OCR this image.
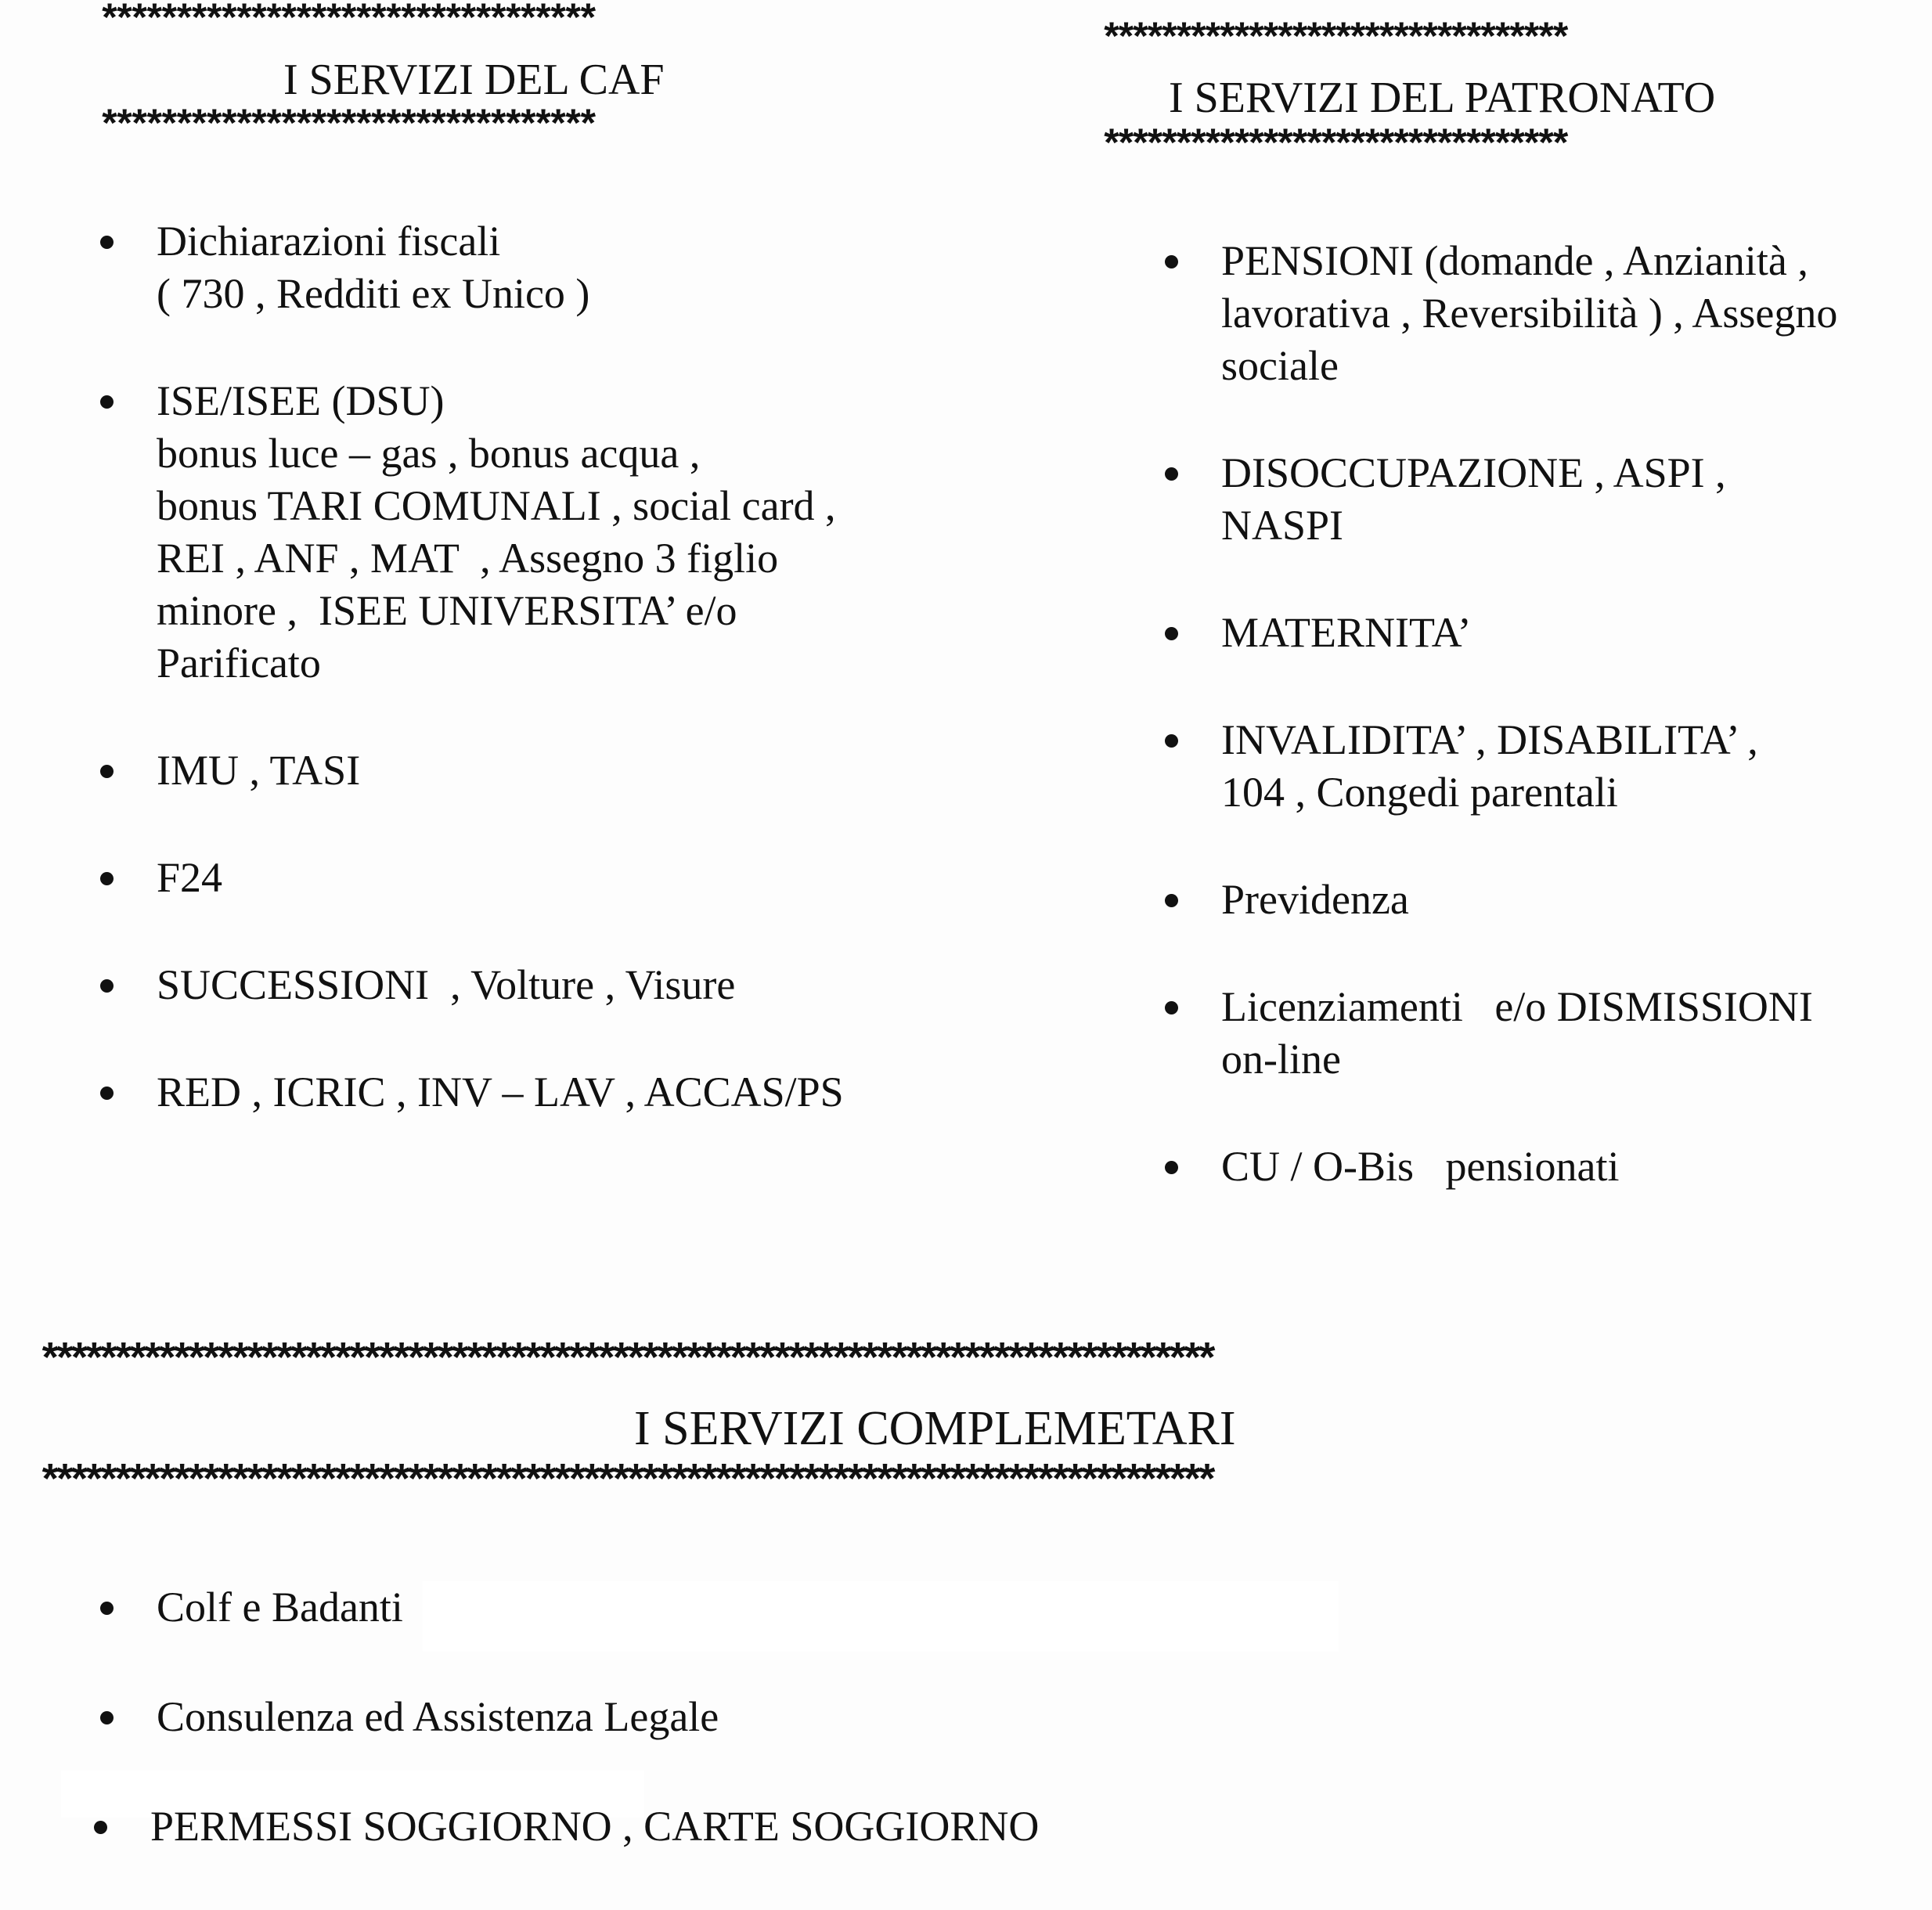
*********************************
I SERVIZI DEL CAF
*********************************
Dichiarazioni fiscali
( 730 , Redditi ex Unico )
ISE/ISEE (DSU)
bonus luce – gas , bonus acqua ,
bonus TARI COMUNALI , social card ,
REI , ANF , MAT  , Assegno 3 figlio
minore ,  ISEE UNIVERSITA’ e/o
Parificato
IMU , TASI
F24
SUCCESSIONI  , Volture , Visure
RED , ICRIC , INV – LAV , ACCAS/PS
********************************
I SERVIZI DEL PATRONATO
********************************
PENSIONI (domande , Anzianità ,
lavorativa , Reversibilità ) , Assegno
sociale
DISOCCUPAZIONE , ASPI ,
NASPI
MATERNITA’
INVALIDITA’ , DISABILITA’ ,
104 , Congedi parentali
Previdenza
Licenziamenti   e/o DISMISSIONI
on-line
CU / O-Bis   pensionati
********************************************************************************
I SERVIZI COMPLEMETARI
********************************************************************************
Colf e Badanti
Consulenza ed Assistenza Legale
PERMESSI SOGGIORNO , CARTE SOGGIORNO
